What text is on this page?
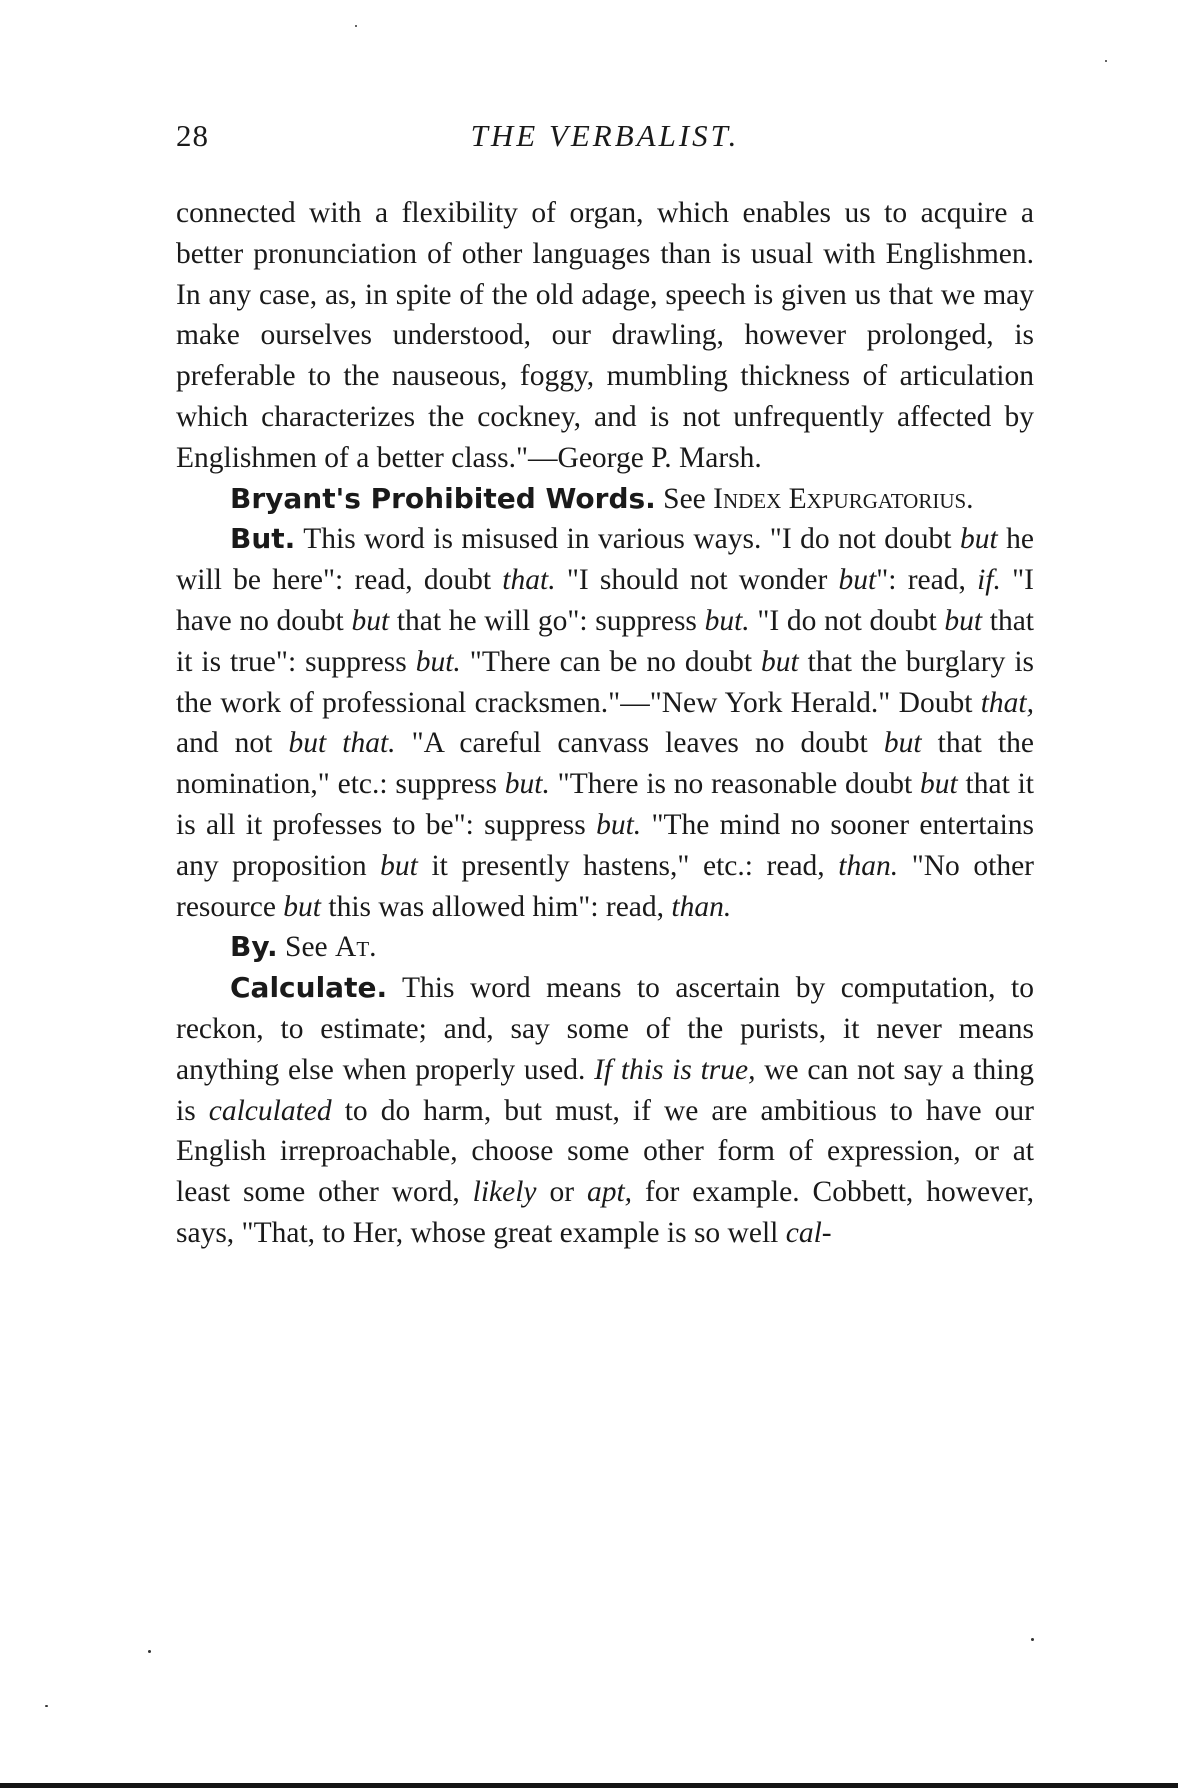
28	THE VERBALIST.

connected with a flexibility of organ, which enables us to acquire a better pronunciation of other languages than is usual with Englishmen. In any case, as, in spite of the old adage, speech is given us that we may make ourselves understood, our drawling, however prolonged, is preferable to the nauseous, foggy, mumbling thickness of articulation which characterizes the cockney, and is not unfrequently affected by Englishmen of a better class."—George P. Marsh.

Bryant's Prohibited Words. See Index Expurgatorius.

But. This word is misused in various ways. "I do not doubt but he will be here": read, doubt that. "I should not wonder but": read, if. "I have no doubt but that he will go": suppress but. "I do not doubt but that it is true": suppress but. "There can be no doubt but that the burglary is the work of professional cracksmen."—"New York Herald." Doubt that, and not but that. "A careful canvass leaves no doubt but that the nomination," etc.: suppress but. "There is no reasonable doubt but that it is all it professes to be": suppress but. "The mind no sooner entertains any proposition but it presently hastens," etc.: read, than. "No other resource but this was allowed him": read, than.

By. See At.

Calculate. This word means to ascertain by computation, to reckon, to estimate; and, say some of the purists, it never means anything else when properly used. If this is true, we can not say a thing is calculated to do harm, but must, if we are ambitious to have our English irreproachable, choose some other form of expression, or at least some other word, likely or apt, for example. Cobbett, however, says, "That, to Her, whose great example is so well cal-
